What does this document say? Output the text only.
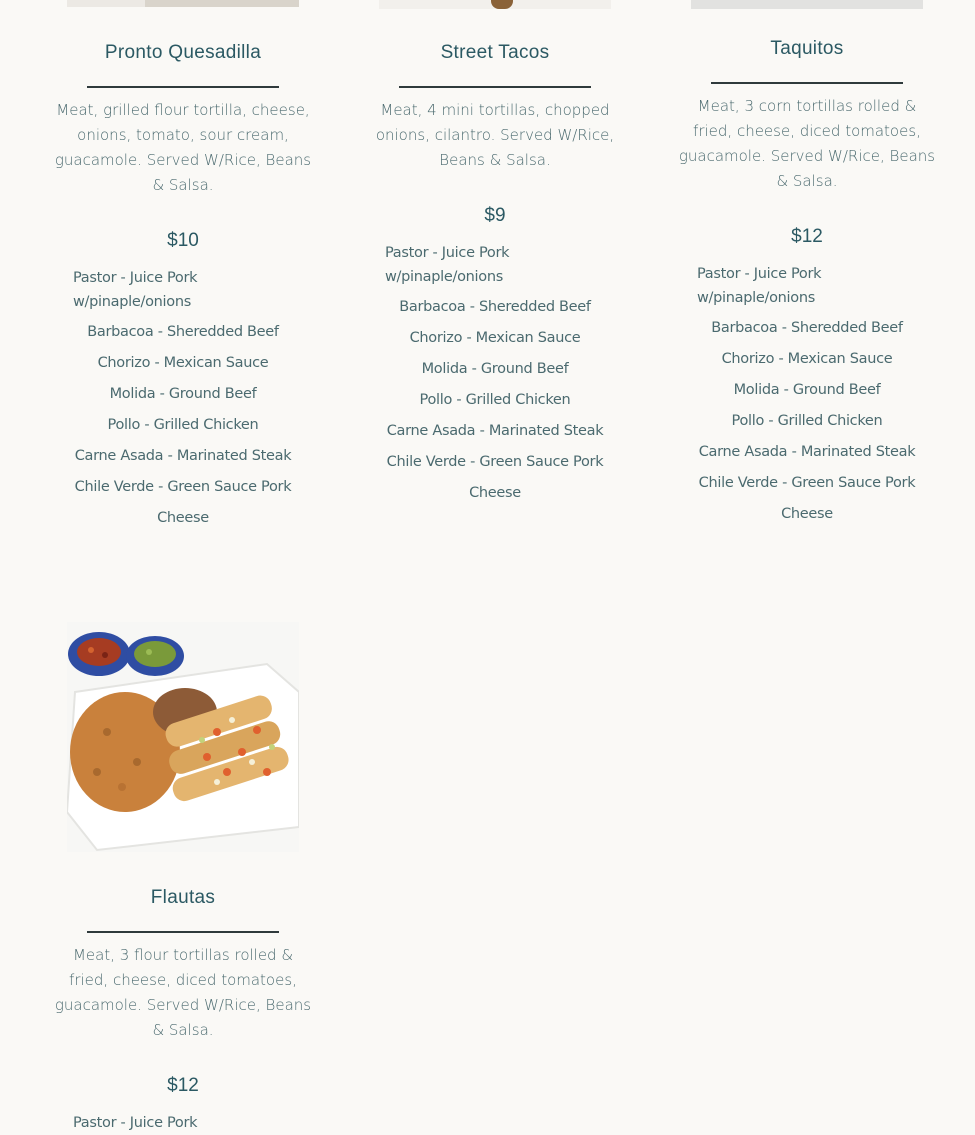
Pronto Quesadilla
Meat, grilled flour tortilla, cheese, onions, tomato, sour cream, guacamole. Served W/Rice, Beans & Salsa.
$10
Pastor - Juice Pork w/pinaple/onions
Barbacoa - Sheredded Beef
Chorizo - Mexican Sauce
Molida - Ground Beef
Pollo - Grilled Chicken
Carne Asada - Marinated Steak
Chile Verde - Green Sauce Pork
Cheese
Street Tacos
Meat, 4 mini tortillas, chopped onions, cilantro. Served W/Rice, Beans & Salsa.
$9
Pastor - Juice Pork w/pinaple/onions
Barbacoa - Sheredded Beef
Chorizo - Mexican Sauce
Molida - Ground Beef
Pollo - Grilled Chicken
Carne Asada - Marinated Steak
Chile Verde - Green Sauce Pork
Cheese
Taquitos
Meat, 3 corn tortillas rolled & fried, cheese, diced tomatoes, guacamole. Served W/Rice, Beans & Salsa.
$12
Pastor - Juice Pork w/pinaple/onions
Barbacoa - Sheredded Beef
Chorizo - Mexican Sauce
Molida - Ground Beef
Pollo - Grilled Chicken
Carne Asada - Marinated Steak
Chile Verde - Green Sauce Pork
Cheese
Flautas
Meat, 3 flour tortillas rolled & fried, cheese, diced tomatoes, guacamole. Served W/Rice, Beans & Salsa.
$12
Pastor - Juice Pork
